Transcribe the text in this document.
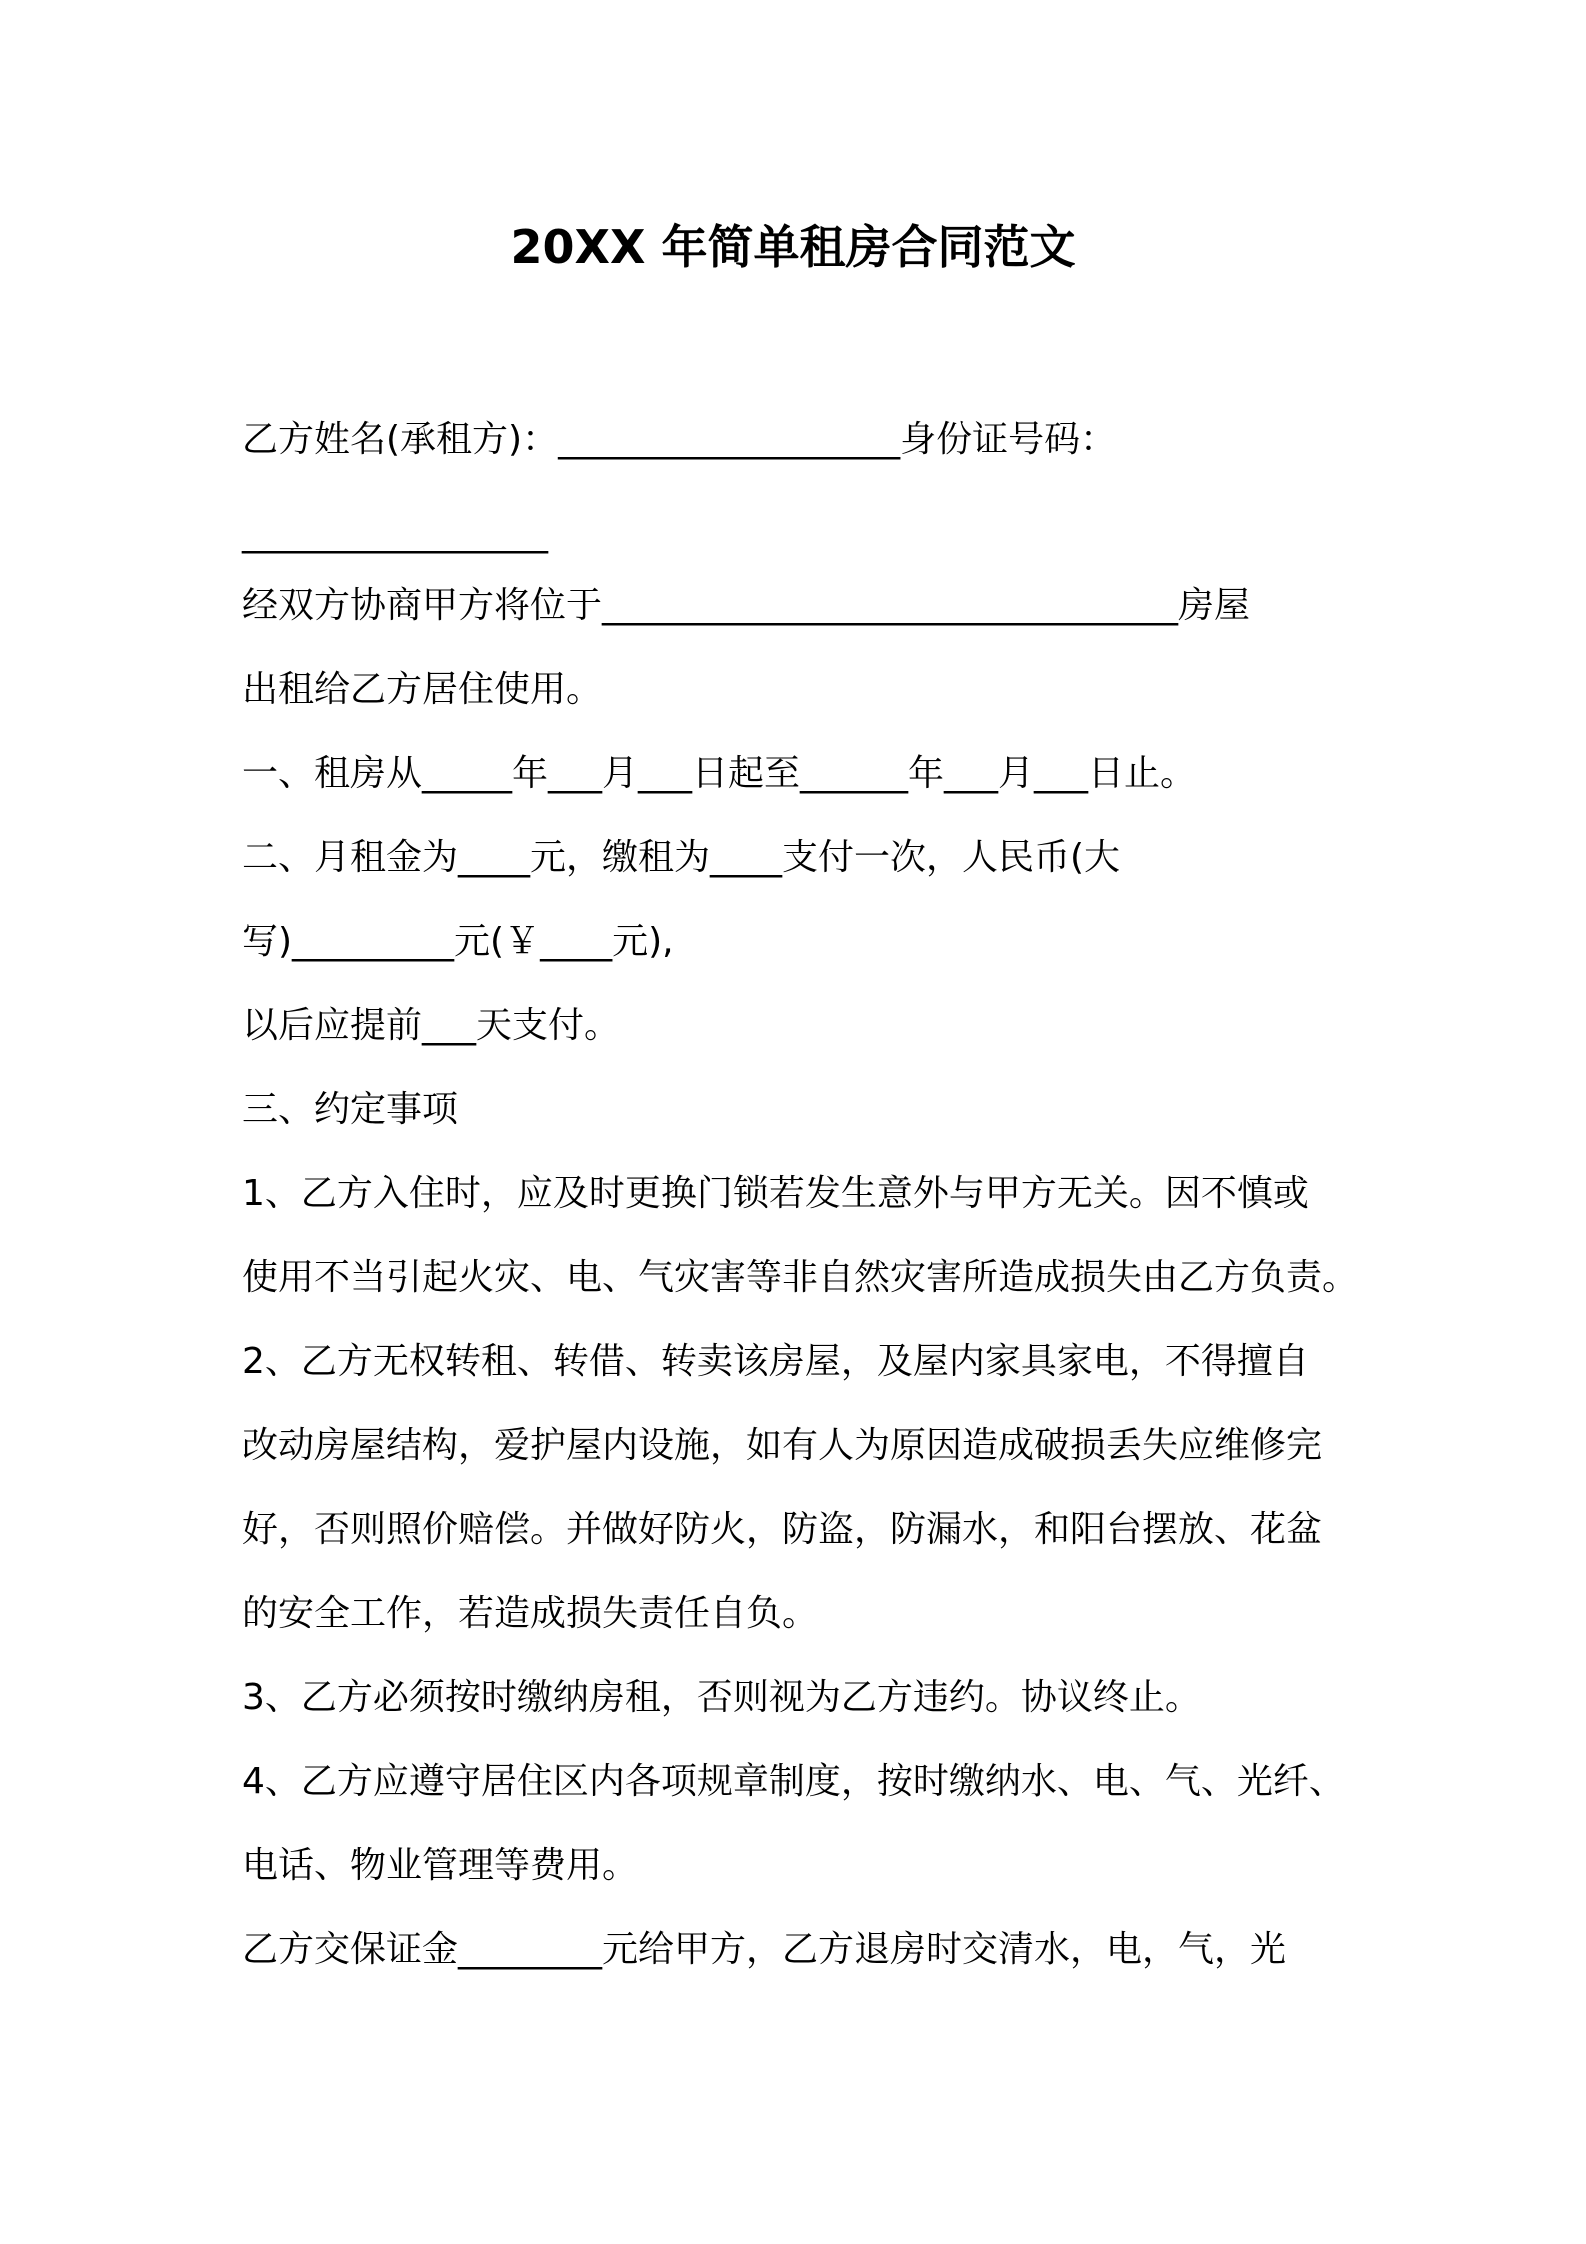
20XX 年简单租房合同范文
乙方姓名(承租方)：___________________身份证号码：
_________________
经双方协商甲方将位于________________________________房屋
出租给乙方居住使用。
一、租房从_____年___月___日起至______年___月___日止。
二、月租金为____元，缴租为____支付一次，人民币(大
写)_________元(￥____元),
以后应提前___天支付。
三、约定事项
1、乙方入住时，应及时更换门锁若发生意外与甲方无关。因不慎或
使用不当引起火灾、电、气灾害等非自然灾害所造成损失由乙方负责。
2、乙方无权转租、转借、转卖该房屋，及屋内家具家电，不得擅自
改动房屋结构，爱护屋内设施，如有人为原因造成破损丢失应维修完
好，否则照价赔偿。并做好防火，防盗，防漏水，和阳台摆放、花盆
的安全工作，若造成损失责任自负。
3、乙方必须按时缴纳房租，否则视为乙方违约。协议终止。
4、乙方应遵守居住区内各项规章制度，按时缴纳水、电、气、光纤、
电话、物业管理等费用。
乙方交保证金________元给甲方，乙方退房时交清水，电，气，光
